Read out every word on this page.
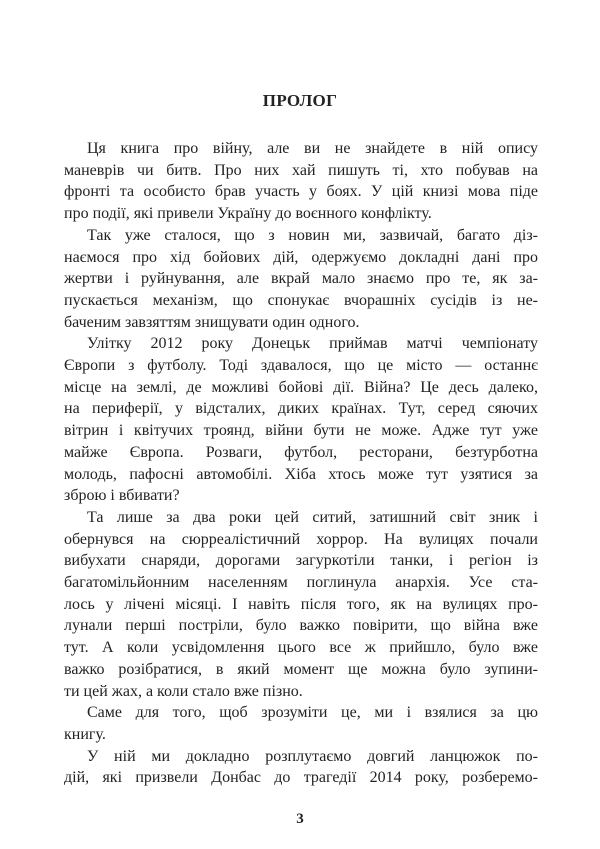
ПРОЛОГ
Ця книга про війну, але ви не знайдете в ній опису
маневрів чи битв. Про них хай пишуть ті, хто побував на
фронті та особисто брав участь у боях. У цій книзі мова піде
про події, які привели Україну до воєнного конфлікту.
Так уже сталося, що з новин ми, зазвичай, багато діз-
наємося про хід бойових дій, одержуємо докладні дані про
жертви і руйнування, але вкрай мало знаємо про те, як за-
пускається механізм, що спонукає вчорашніх сусідів із не-
баченим завзяттям знищувати один одного.
Улітку 2012 року Донецьк приймав матчі чемпіонату
Європи з футболу. Тоді здавалося, що це місто — останнє
місце на землі, де можливі бойові дії. Війна? Це десь далеко,
на периферії, у відсталих, диких країнах. Тут, серед сяючих
вітрин і квітучих троянд, війни бути не може. Адже тут уже
майже Європа. Розваги, футбол, ресторани, безтурботна
молодь, пафосні автомобілі. Хіба хтось може тут узятися за
зброю і вбивати?
Та лише за два роки цей ситий, затишний світ зник і
обернувся на сюрреалістичний хоррор. На вулицях почали
вибухати снаряди, дорогами загуркотіли танки, і регіон із
багатомільйонним населенням поглинула анархія. Усе ста-
лось у лічені місяці. І навіть після того, як на вулицях про-
лунали перші постріли, було важко повірити, що війна вже
тут. А коли усвідомлення цього все ж прийшло, було вже
важко розібратися, в який момент ще можна було зупини-
ти цей жах, а коли стало вже пізно.
Саме для того, щоб зрозуміти це, ми і взялися за цю
книгу.
У ній ми докладно розплутаємо довгий ланцюжок по-
дій, які призвели Донбас до трагедії 2014 року, розберемо-
3
